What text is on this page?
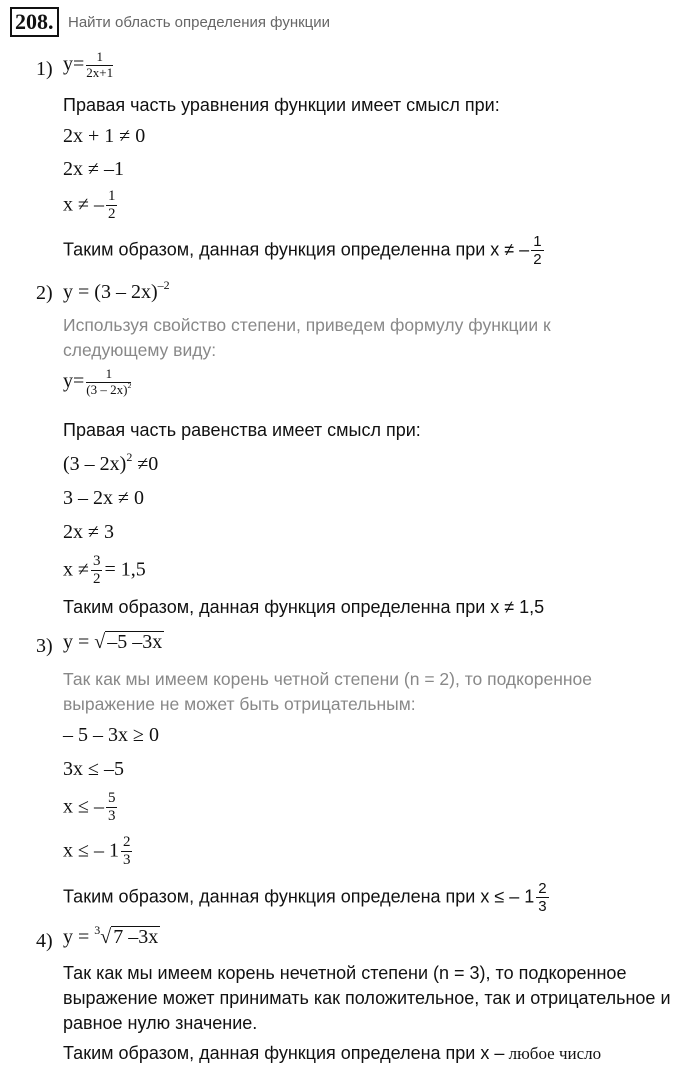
208. Найти область определения функции
1) $y= \frac{1}{2x+1}$
Правая часть уравнения функции имеет смысл при:
2x + 1 ≠ 0
2x ≠ –1
x ≠ – $\frac{1}{2}$
Таким образом, данная функция определенна при x ≠ – $\frac{1}{2}$
2) y = (3 – 2x)$^{-2}$
Используя свойство степени, приведем формулу функции к следующему виду:
$y= \frac{1}{(3 - 2x)^2}$
Правая часть равенства имеет смысл при:
(3 – 2x)$^2$ ≠0
3 – 2x ≠ 0
2x ≠ 3
$x \ne \frac{3}{2} = 1,5$
Таким образом, данная функция определенна при x ≠ 1,5
3) y = √ –5 –3x
Так как мы имеем корень четной степени (n = 2), то подкоренное выражение не может быть отрицательным:
– 5 – 3x ≥ 0
3x ≤ –5
x ≤ – $\frac{5}{3}$
x ≤ – $1 \frac{2}{3}$
Таким образом, данная функция определена при x ≤ – $1 \frac{2}{3}$
4) y = $^3$√ 7 –3x
Так как мы имеем корень нечетной степени (n = 3), то подкоренное выражение может принимать как положительное, так и отрицательное и равное нулю значение.
Таким образом, данная функция определена при x – любое число
